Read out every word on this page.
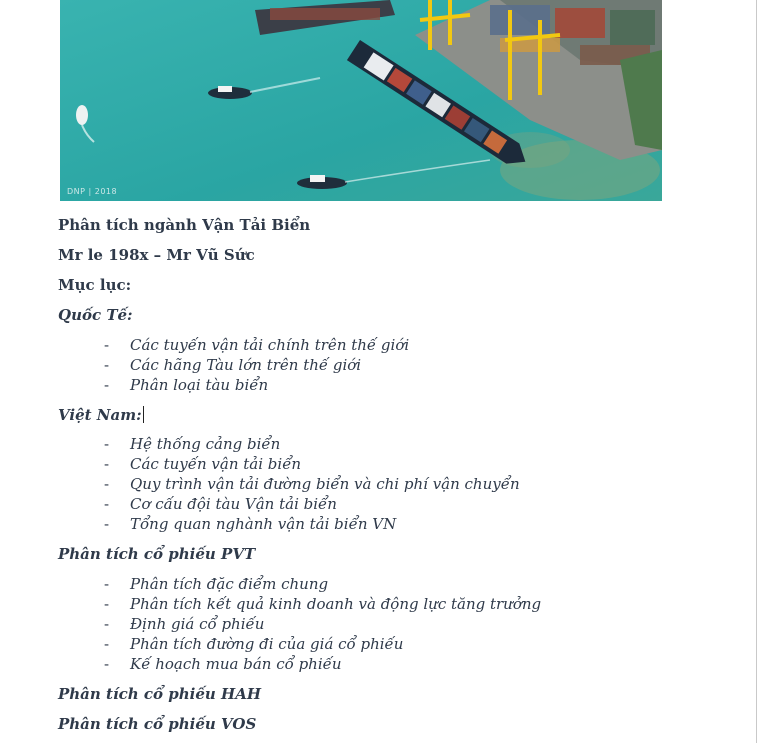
DNP | 2018
Phân tích ngành Vận Tải Biển
Mr le 198x – Mr Vũ Sức
Mục lục:
Quốc Tế:
- Các tuyến vận tải chính trên thế giới
- Các hãng Tàu lớn trên thế giới
- Phân loại tàu biển
Việt Nam:
- Hệ thống cảng biển
- Các tuyến vận tải biển
- Quy trình vận tải đường biển và chi phí vận chuyển
- Cơ cấu đội tàu Vận tải biển
- Tổng quan nghành vận tải biển VN
Phân tích cổ phiếu PVT
- Phân tích đặc điểm chung
- Phân tích kết quả kinh doanh và động lực tăng trưởng
- Định giá cổ phiếu
- Phân tích đường đi của giá cổ phiếu
- Kế hoạch mua bán cổ phiếu
Phân tích cổ phiếu HAH
Phân tích cổ phiếu VOS
